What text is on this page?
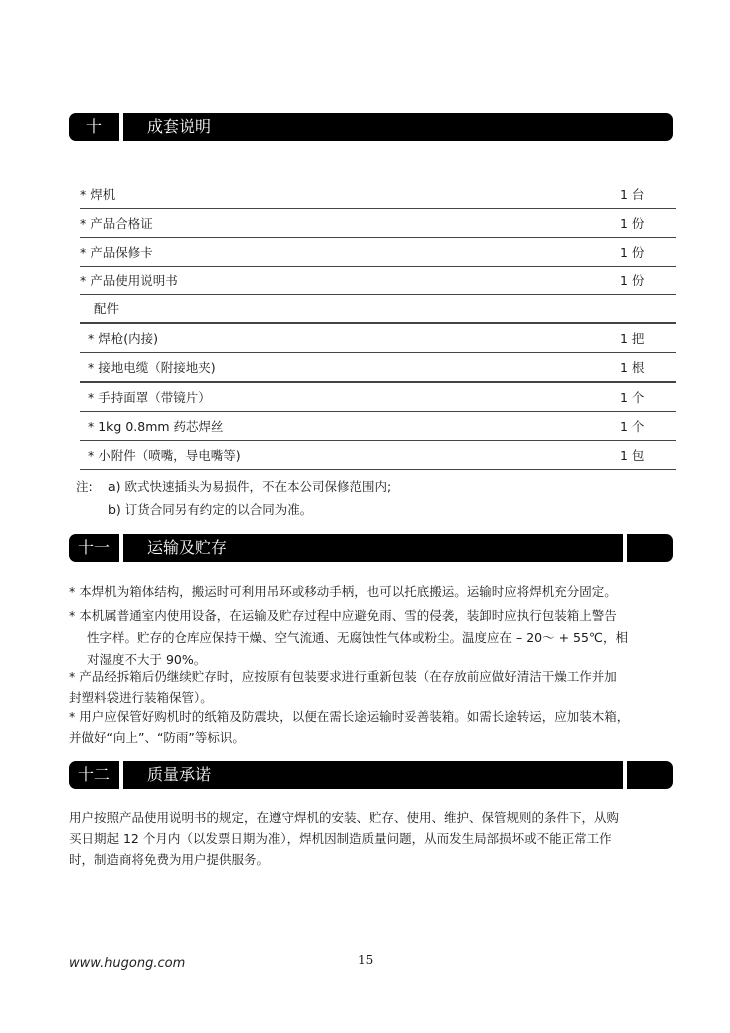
十	成套说明
* 焊机	1 台
* 产品合格证	1 份
* 产品保修卡	1 份
* 产品使用说明书	1 份
配件
* 焊枪(内接)	1 把
* 接地电缆（附接地夹)	1 根
* 手持面罩（带镜片）	1 个
* 1kg 0.8mm 药芯焊丝	1 个
* 小附件（喷嘴，导电嘴等)	1 包
注: a) 欧式快速插头为易损件，不在本公司保修范围内;
b) 订货合同另有约定的以合同为准。
十一	运输及贮存
* 本焊机为箱体结构，搬运时可利用吊环或移动手柄，也可以托底搬运。运输时应将焊机充分固定。
* 本机属普通室内使用设备，在运输及贮存过程中应避免雨、雪的侵袭，装卸时应执行包装箱上警告
性字样。贮存的仓库应保持干燥、空气流通、无腐蚀性气体或粉尘。温度应在 – 20～ + 55℃，相
对湿度不大于 90%。
* 产品经拆箱后仍继续贮存时，应按原有包装要求进行重新包装（在存放前应做好清洁干燥工作并加
封塑料袋进行装箱保管）。
* 用户应保管好购机时的纸箱及防震块，以便在需长途运输时妥善装箱。如需长途转运，应加装木箱，
并做好“向上”、“防雨”等标识。
十二	质量承诺
用户按照产品使用说明书的规定，在遵守焊机的安装、贮存、使用、维护、保管规则的条件下，从购
买日期起 12 个月内（以发票日期为准），焊机因制造质量问题，从而发生局部损坏或不能正常工作
时，制造商将免费为用户提供服务。
www.hugong.com	15
